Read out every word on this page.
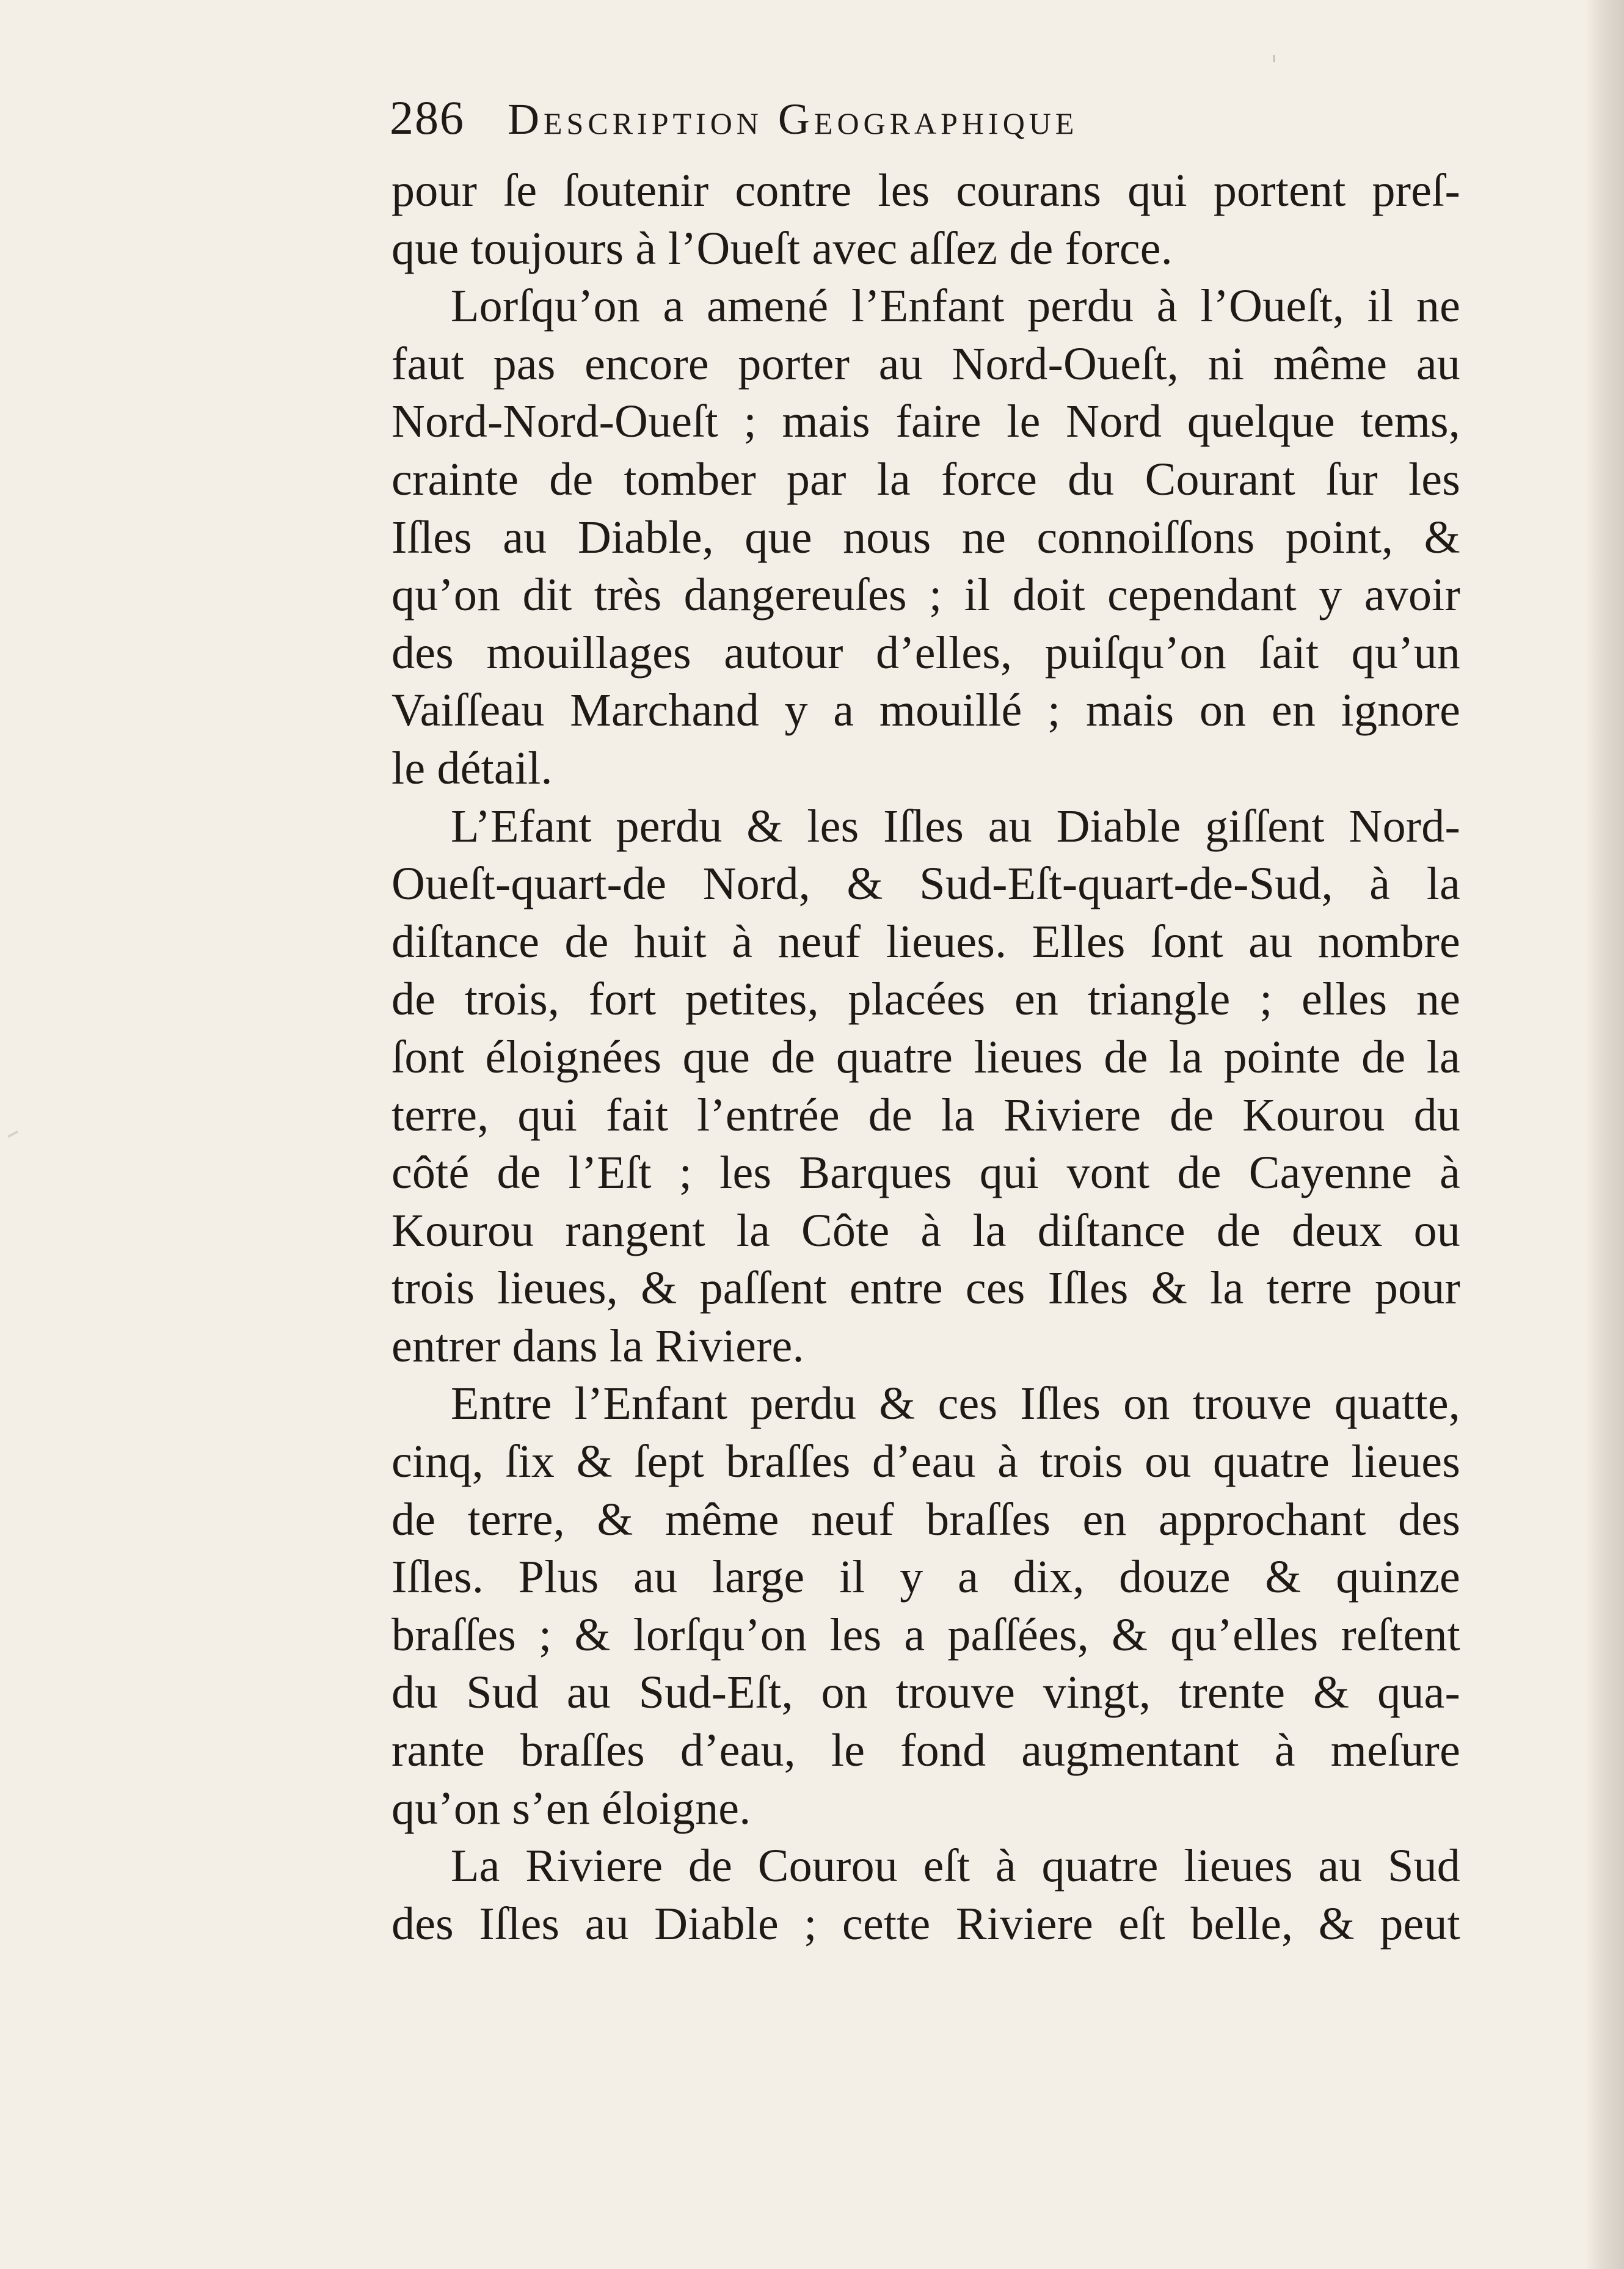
286 Description Geographique
pour ſe ſoutenir contre les courans qui portent preſ-
que toujours à l’Oueſt avec aſſez de force.
Lorſqu’on a amené l’Enfant perdu à l’Oueſt, il ne
faut pas encore porter au Nord-Oueſt, ni même au
Nord-Nord-Oueſt ; mais faire le Nord quelque tems,
crainte de tomber par la force du Courant ſur les
Iſles au Diable, que nous ne connoiſſons point, &
qu’on dit très dangereuſes ; il doit cependant y avoir
des mouillages autour d’elles, puiſqu’on ſait qu’un
Vaiſſeau Marchand y a mouillé ; mais on en ignore
le détail.
L’Efant perdu & les Iſles au Diable giſſent Nord-
Oueſt-quart-de Nord, & Sud-Eſt-quart-de-Sud, à la
diſtance de huit à neuf lieues. Elles ſont au nombre
de trois, fort petites, placées en triangle ; elles ne
ſont éloignées que de quatre lieues de la pointe de la
terre, qui fait l’entrée de la Riviere de Kourou du
côté de l’Eſt ; les Barques qui vont de Cayenne à
Kourou rangent la Côte à la diſtance de deux ou
trois lieues, & paſſent entre ces Iſles & la terre pour
entrer dans la Riviere.
Entre l’Enfant perdu & ces Iſles on trouve quatte,
cinq, ſix & ſept braſſes d’eau à trois ou quatre lieues
de terre, & même neuf braſſes en approchant des
Iſles. Plus au large il y a dix, douze & quinze
braſſes ; & lorſqu’on les a paſſées, & qu’elles reſtent
du Sud au Sud-Eſt, on trouve vingt, trente & qua-
rante braſſes d’eau, le fond augmentant à meſure
qu’on s’en éloigne.
La Riviere de Courou eſt à quatre lieues au Sud
des Iſles au Diable ; cette Riviere eſt belle, & peut
